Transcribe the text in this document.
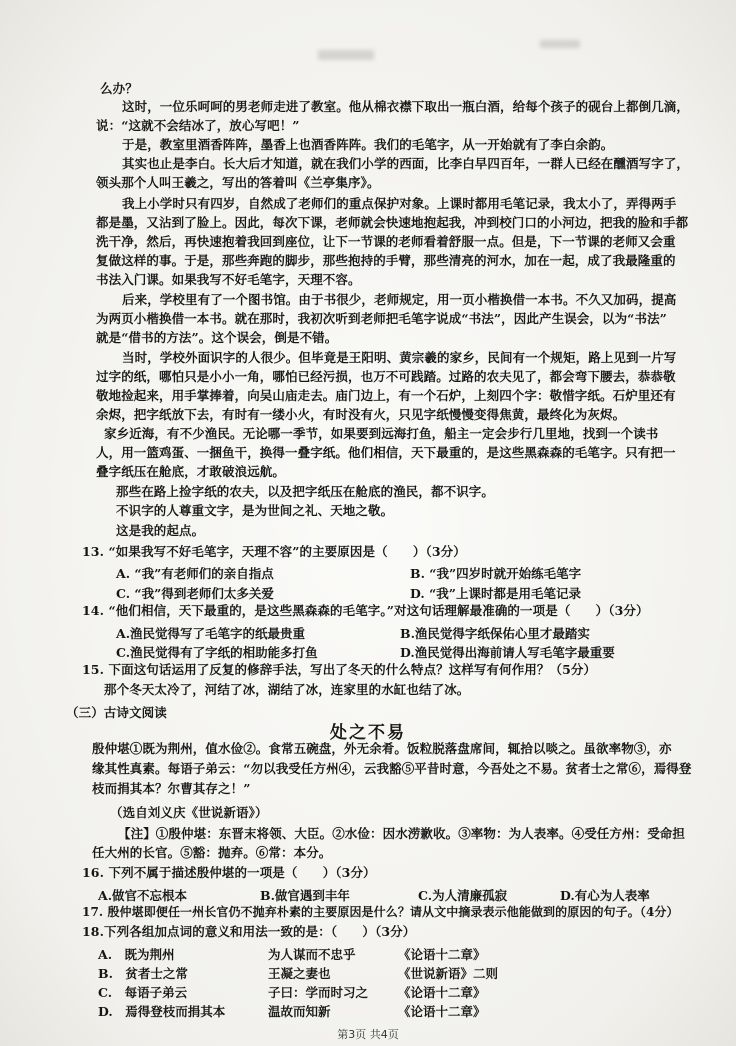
么办？
这时，一位乐呵呵的男老师走进了教室。他从棉衣襟下取出一瓶白酒，给每个孩子的砚台上都倒几滴，
说：“这就不会结冰了，放心写吧！”
于是，教室里酒香阵阵，墨香上也酒香阵阵。我们的毛笔字，从一开始就有了李白余韵。
其实也止是李白。长大后才知道，就在我们小学的西面，比李白早四百年，一群人已经在醺酒写字了，
领头那个人叫王羲之，写出的答着叫《兰亭集序》。
我上小学时只有四岁，自然成了老师们的重点保护对象。上课时都用毛笔记录，我太小了，弄得两手
都是墨，又沾到了脸上。因此，每次下课，老师就会快速地抱起我，冲到校门口的小河边，把我的脸和手都
洗干净，然后，再快速抱着我回到座位，让下一节课的老师看着舒服一点。但是，下一节课的老师又会重
复做这样的事。于是，那些奔跑的脚步，那些抱持的手臂，那些清亮的河水，加在一起，成了我最隆重的
书法入门课。如果我写不好毛笔字，天理不容。
后来，学校里有了一个图书馆。由于书很少，老师规定，用一页小楷换借一本书。不久又加码，提高
为两页小楷换借一本书。就在那时，我初次听到老师把毛笔字说成“书法”，因此产生误会，以为“书法”
就是“借书的方法”。这个误会，倒是不错。
当时，学校外面识字的人很少。但毕竟是王阳明、黄宗羲的家乡，民间有一个规矩，路上见到一片写
过字的纸，哪怕只是小小一角，哪怕已经污损，也万不可践踏。过路的农夫见了，都会弯下腰去，恭恭敬
敬地捡起来，用手掌捧着，向吴山庙走去。庙门边上，有一个石炉，上刻四个字：敬惜字纸。石炉里还有
余烬，把字纸放下去，有时有一缕小火，有时没有火，只见字纸慢慢变得焦黄，最终化为灰烬。
家乡近海，有不少渔民。无论哪一季节，如果要到远海打鱼，船主一定会步行几里地，找到一个读书
人，用一篮鸡蛋、一捆鱼干，换得一叠字纸。他们相信，天下最重的，是这些黑森森的毛笔字。只有把一
叠字纸压在舱底，才敢破浪远航。
那些在路上捡字纸的农夫，以及把字纸压在舱底的渔民，都不识字。
不识字的人尊重文字，是为世间之礼、天地之敬。
这是我的起点。
13. “如果我写不好毛笔字，天理不容”的主要原因是（　　）（3分）
A. “我”有老师们的亲自指点	B. “我”四岁时就开始练毛笔字
C. “我”得到老师们太多关爱	D. “我”上课时都是用毛笔记录
14. “他们相信，天下最重的，是这些黑森森的毛笔字。”对这句话理解最准确的一项是（　　）（3分）
A.渔民觉得写了毛笔字的纸最贵重	B.渔民觉得字纸保佑心里才最踏实
C.渔民觉得有了字纸的相助能多打鱼	D.渔民觉得出海前请人写毛笔字最重要
15. 下面这句话运用了反复的修辞手法，写出了冬天的什么特点？这样写有何作用？（5分）
那个冬天太冷了，河结了冰，湖结了冰，连家里的水缸也结了冰。
（三）古诗文阅读
处之不易
殷仲堪①既为荆州，值水俭②。食常五碗盘，外无余肴。饭粒脱落盘席间，辄拾以啖之。虽欲率物③，亦
缘其性真素。每语子弟云：“勿以我受任方州④，云我豁⑤平昔时意，今吾处之不易。贫者士之常⑥，焉得登
枝而捐其本？尔曹其存之！”
（选自刘义庆《世说新语》）
【注】①殷仲堪：东晋末将领、大臣。②水俭：因水涝歉收。③率物：为人表率。④受任方州：受命担
任大州的长官。⑤豁：抛弃。⑥常：本分。
16. 下列不属于描述殷仲堪的一项是（　　）（3分）
A.做官不忘根本	B.做官遇到丰年	C.为人清廉孤寂	D.有心为人表率
17. 殷仲堪即便任一州长官仍不抛弃朴素的主要原因是什么？请从文中摘录表示他能做到的原因的句子。（4分）
18.下列各组加点词的意义和用法一致的是：（　　）（3分）
A.　既为荆州	为人谋而不忠乎	《论语十二章》
B.　贫者士之常	王凝之妻也	《世说新语》二则
C.　每语子弟云	子曰：学而时习之 《论语十二章》
D.　焉得登枝而捐其本	温故而知新	《论语十二章》
第3页 共4页
